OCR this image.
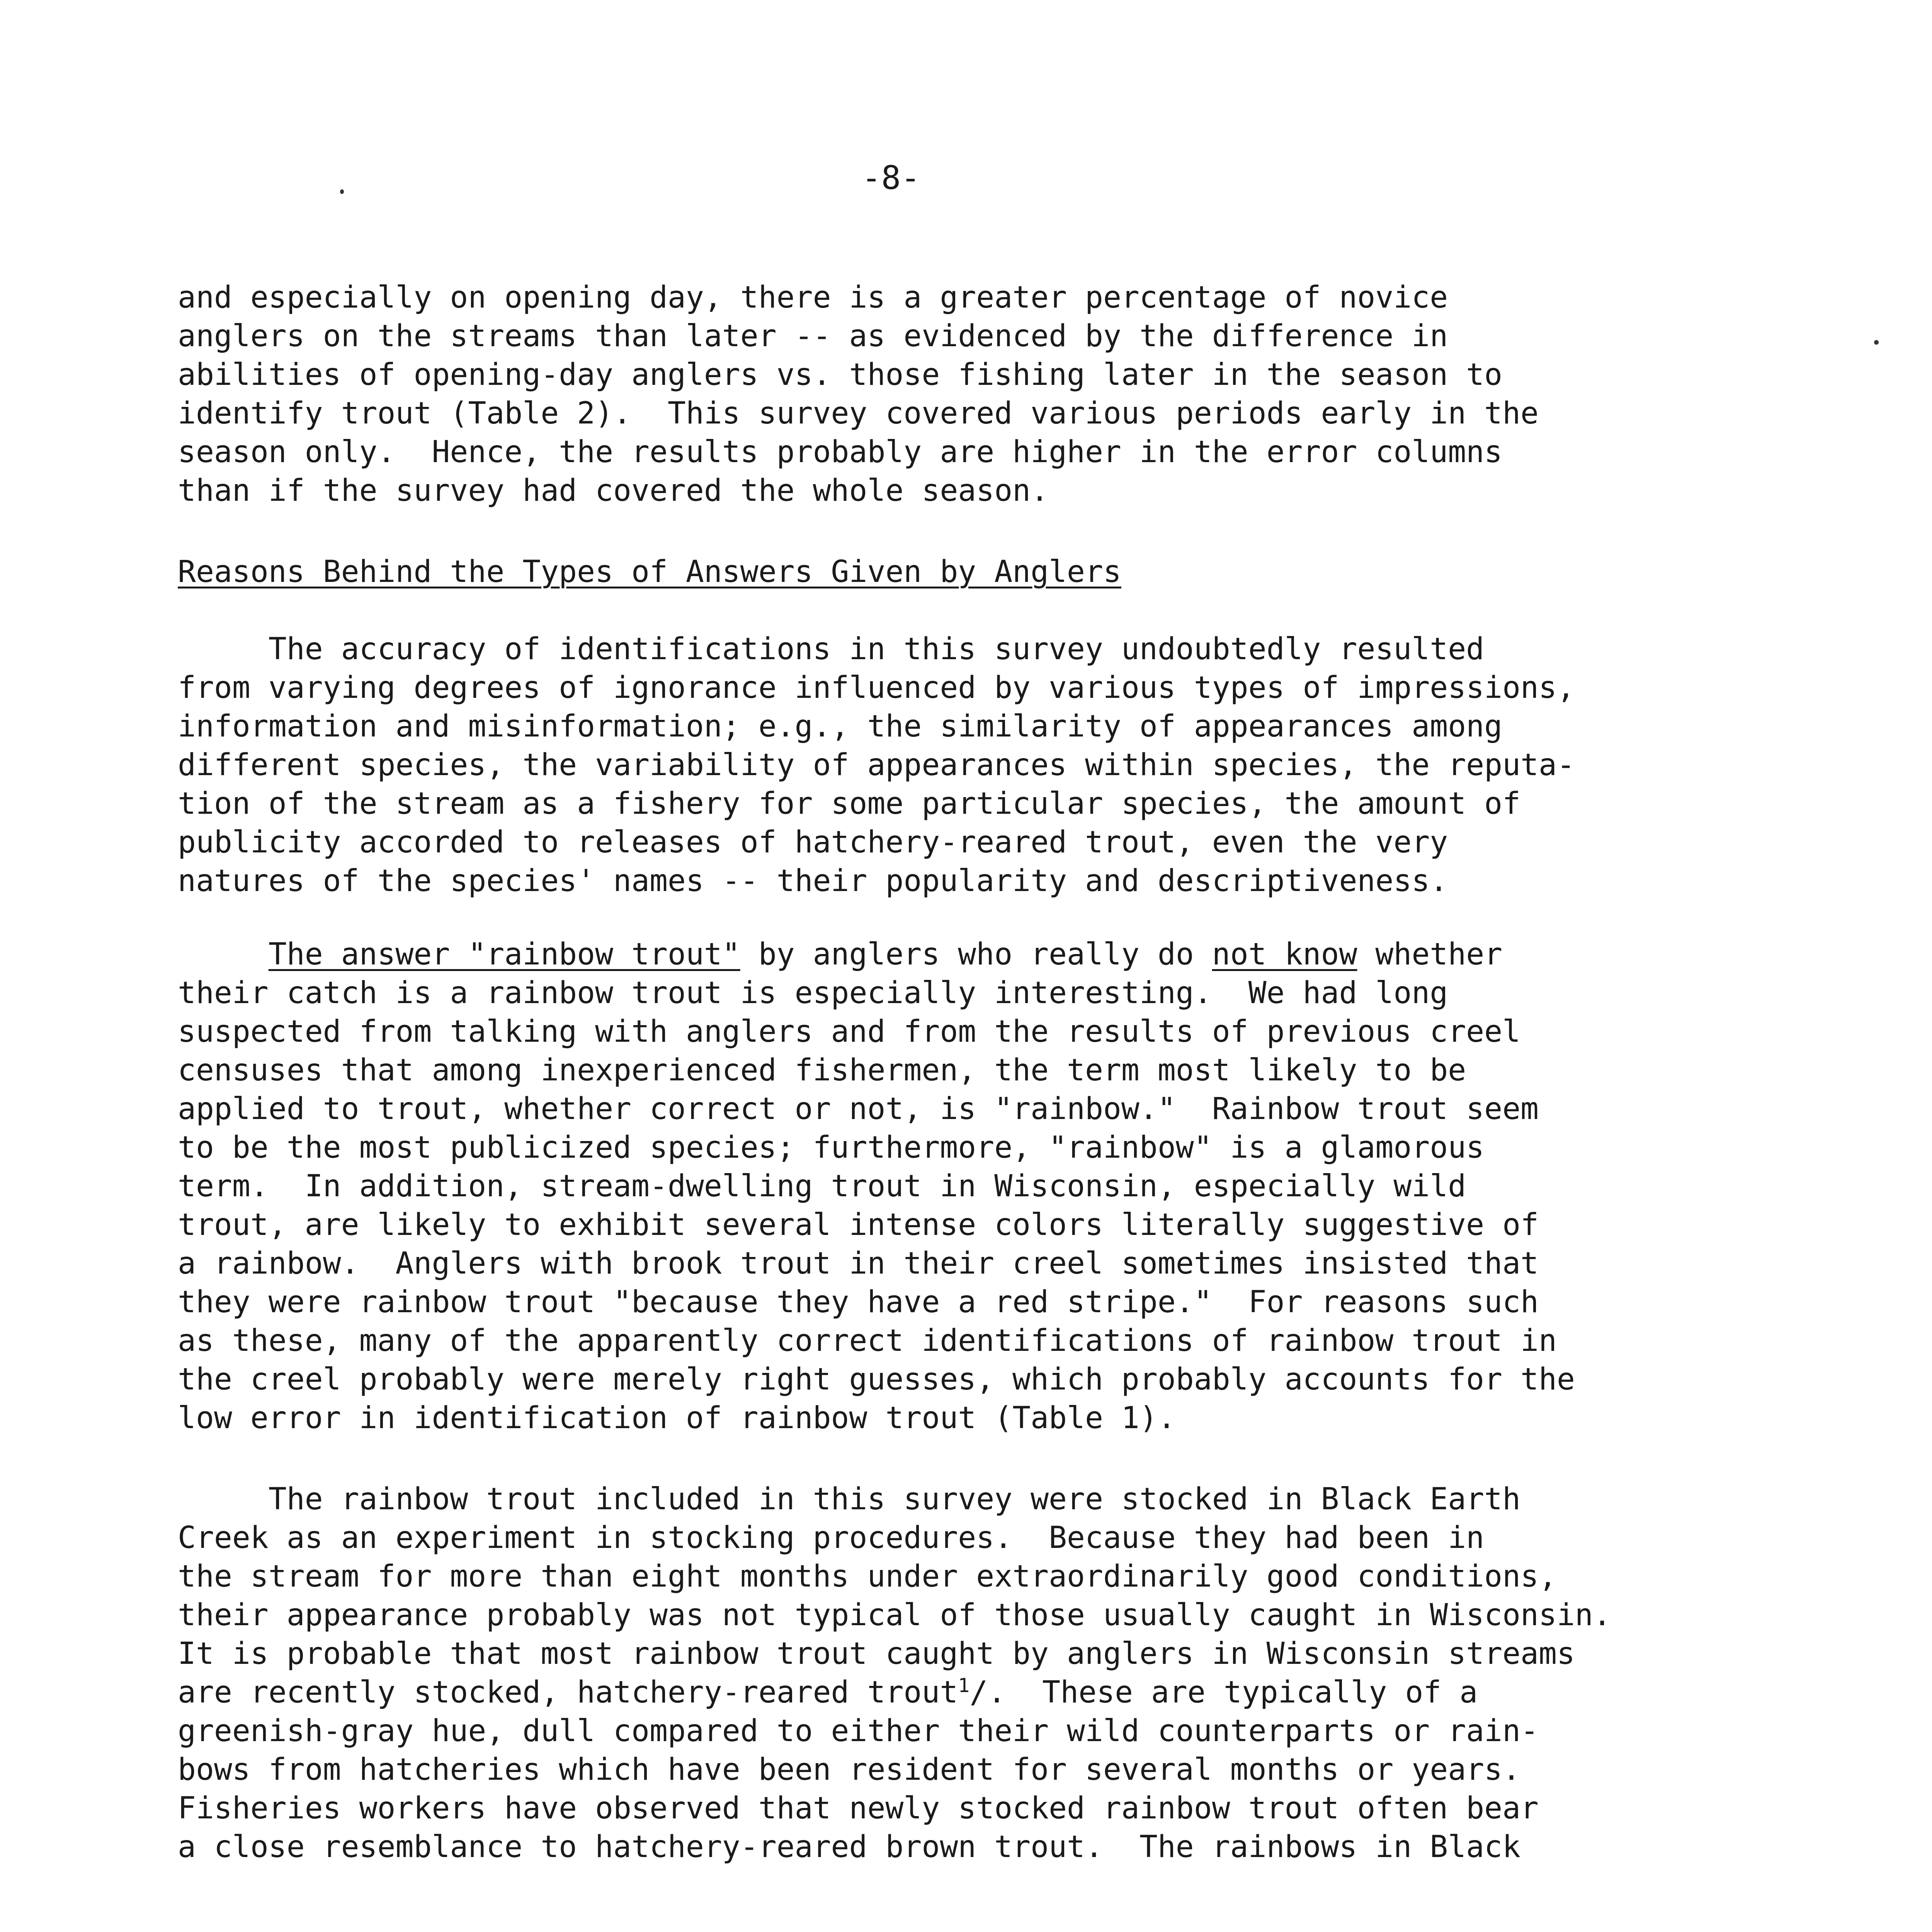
-8-

and especially on opening day, there is a greater percentage of novice
anglers on the streams than later -- as evidenced by the difference in
abilities of opening-day anglers vs. those fishing later in the season to
identify trout (Table 2).  This survey covered various periods early in the
season only.  Hence, the results probably are higher in the error columns
than if the survey had covered the whole season.

Reasons Behind the Types of Answers Given by Anglers

The accuracy of identifications in this survey undoubtedly resulted
from varying degrees of ignorance influenced by various types of impressions,
information and misinformation; e.g., the similarity of appearances among
different species, the variability of appearances within species, the reputa-
tion of the stream as a fishery for some particular species, the amount of
publicity accorded to releases of hatchery-reared trout, even the very
natures of the species' names -- their popularity and descriptiveness.

The answer "rainbow trout" by anglers who really do not know whether
their catch is a rainbow trout is especially interesting.  We had long
suspected from talking with anglers and from the results of previous creel
censuses that among inexperienced fishermen, the term most likely to be
applied to trout, whether correct or not, is "rainbow."  Rainbow trout seem
to be the most publicized species; furthermore, "rainbow" is a glamorous
term.  In addition, stream-dwelling trout in Wisconsin, especially wild
trout, are likely to exhibit several intense colors literally suggestive of
a rainbow.  Anglers with brook trout in their creel sometimes insisted that
they were rainbow trout "because they have a red stripe."  For reasons such
as these, many of the apparently correct identifications of rainbow trout in
the creel probably were merely right guesses, which probably accounts for the
low error in identification of rainbow trout (Table 1).

The rainbow trout included in this survey were stocked in Black Earth
Creek as an experiment in stocking procedures.  Because they had been in
the stream for more than eight months under extraordinarily good conditions,
their appearance probably was not typical of those usually caught in Wisconsin.
It is probable that most rainbow trout caught by anglers in Wisconsin streams
are recently stocked, hatchery-reared trout$^1$/.  These are typically of a
greenish-gray hue, dull compared to either their wild counterparts or rain-
bows from hatcheries which have been resident for several months or years.
Fisheries workers have observed that newly stocked rainbow trout often bear
a close resemblance to hatchery-reared brown trout.  The rainbows in Black
